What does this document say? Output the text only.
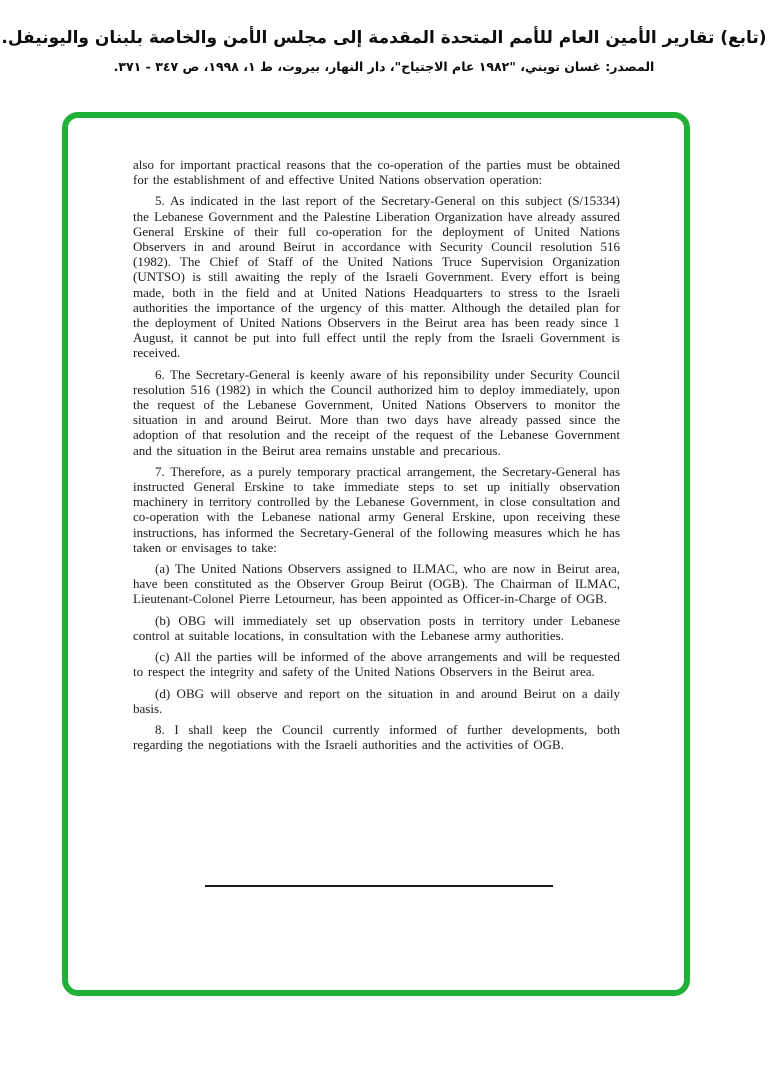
(تابع) تقارير الأمين العام للأمم المتحدة المقدمة إلى مجلس الأمن والخاصة بلبنان واليونيفل.
المصدر: غسان تويني، "١٩٨٢ عام الاجتياح"، دار النهار، بيروت، ط ١، ١٩٩٨، ص ٣٤٧ - ٣٧١.

also for important practical reasons that the co-operation of the parties must be obtained for the establishment of and effective United Nations observation operation:

5. As indicated in the last report of the Secretary-General on this subject (S/15334) the Lebanese Government and the Palestine Liberation Organization have already assured General Erskine of their full co-operation for the deployment of United Nations Observers in and around Beirut in accordance with Security Council resolution 516 (1982). The Chief of Staff of the United Nations Truce Supervision Organization (UNTSO) is still awaiting the reply of the Israeli Government. Every effort is being made, both in the field and at United Nations Headquarters to stress to the Israeli authorities the importance of the urgency of this matter. Although the detailed plan for the deployment of United Nations Observers in the Beirut area has been ready since 1 August, it cannot be put into full effect until the reply from the Israeli Government is received.

6. The Secretary-General is keenly aware of his reponsibility under Security Council resolution 516 (1982) in which the Council authorized him to deploy immediately, upon the request of the Lebanese Government, United Nations Observers to monitor the situation in and around Beirut. More than two days have already passed since the adoption of that resolution and the receipt of the request of the Lebanese Government and the situation in the Beirut area remains unstable and precarious.

7. Therefore, as a purely temporary practical arrangement, the Secretary-General has instructed General Erskine to take immediate steps to set up initially observation machinery in territory controlled by the Lebanese Government, in close consultation and co-operation with the Lebanese national army General Erskine, upon receiving these instructions, has informed the Secretary-General of the following measures which he has taken or envisages to take:

(a) The United Nations Observers assigned to ILMAC, who are now in Beirut area, have been constituted as the Observer Group Beirut (OGB). The Chairman of ILMAC, Lieutenant-Colonel Pierre Letourneur, has been appointed as Officer-in-Charge of OGB.

(b) OBG will immediately set up observation posts in territory under Lebanese control at suitable locations, in consultation with the Lebanese army authorities.

(c) All the parties will be informed of the above arrangements and will be requested to respect the integrity and safety of the United Nations Observers in the Beirut area.

(d) OBG will observe and report on the situation in and around Beirut on a daily basis.

8. I shall keep the Council currently informed of further developments, both regarding the negotiations with the Israeli authorities and the activities of OGB.
